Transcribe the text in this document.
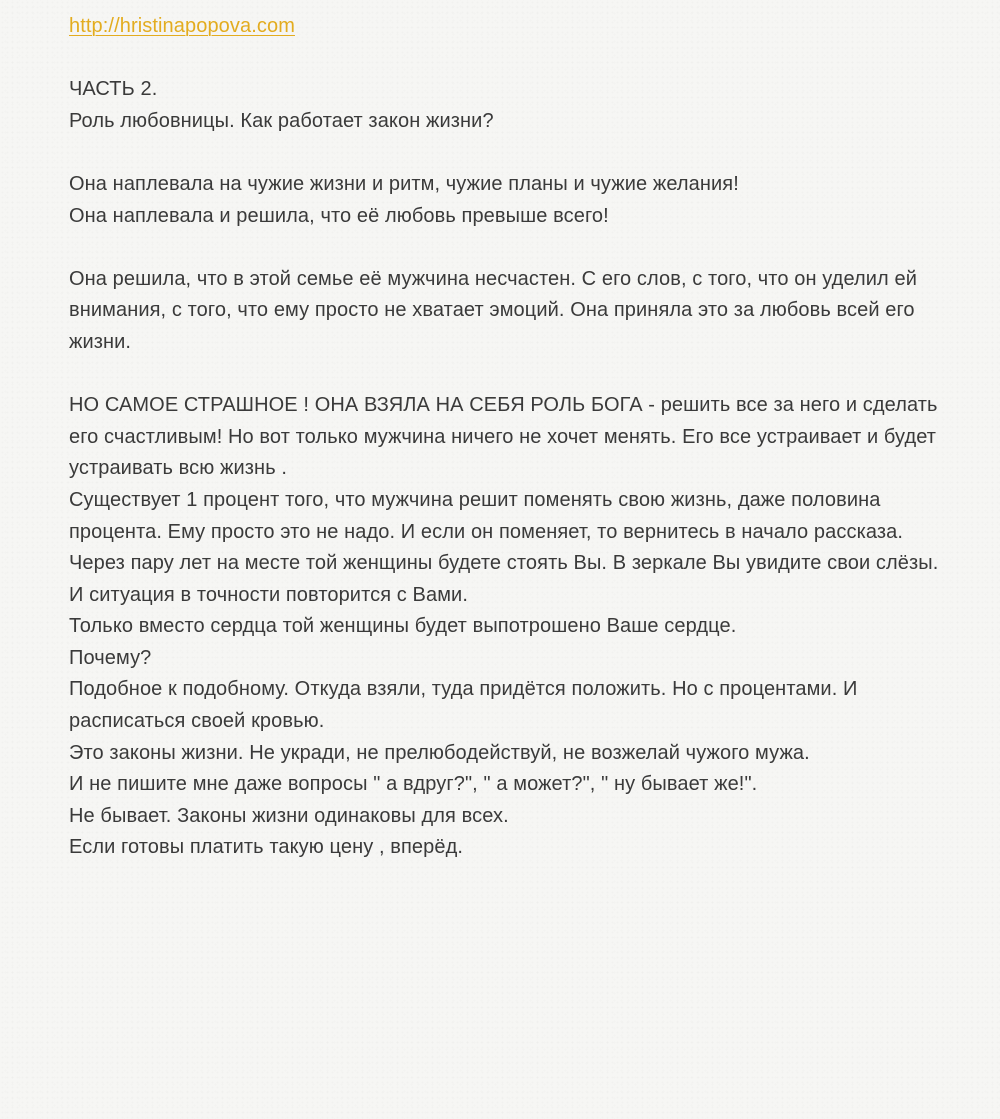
http://hristinapopova.com

ЧАСТЬ 2.

Роль любовницы. Как работает закон жизни?

Она наплевала на чужие жизни и ритм, чужие планы и чужие желания!

Она наплевала и решила, что её любовь превыше всего!

Она решила, что в этой семье её мужчина несчастен. С его слов, с того, что он уделил ей внимания, с того, что ему просто не хватает эмоций. Она приняла это за любовь всей его жизни.

НО САМОЕ СТРАШНОЕ ! ОНА ВЗЯЛА НА СЕБЯ РОЛЬ БОГА - решить все за него и сделать его счастливым! Но вот только мужчина ничего не хочет менять. Его все устраивает и будет устраивать всю жизнь .

Существует 1 процент того, что мужчина решит поменять свою жизнь, даже половина процента. Ему просто это не надо. И если он поменяет, то вернитесь в начало рассказа.

Через пару лет на месте той женщины будете стоять Вы. В зеркале Вы увидите свои слёзы. И ситуация в точности повторится с Вами.

Только вместо сердца той женщины будет выпотрошено Ваше сердце.

Почему?

Подобное к подобному. Откуда взяли, туда придётся положить. Но с процентами. И расписаться своей кровью.

Это законы жизни. Не укради, не прелюбодействуй, не возжелай чужого мужа.

И не пишите мне даже вопросы " а вдруг?", " а может?", " ну бывает же!".

Не бывает. Законы жизни одинаковы для всех.

Если готовы платить такую цену , вперёд.
